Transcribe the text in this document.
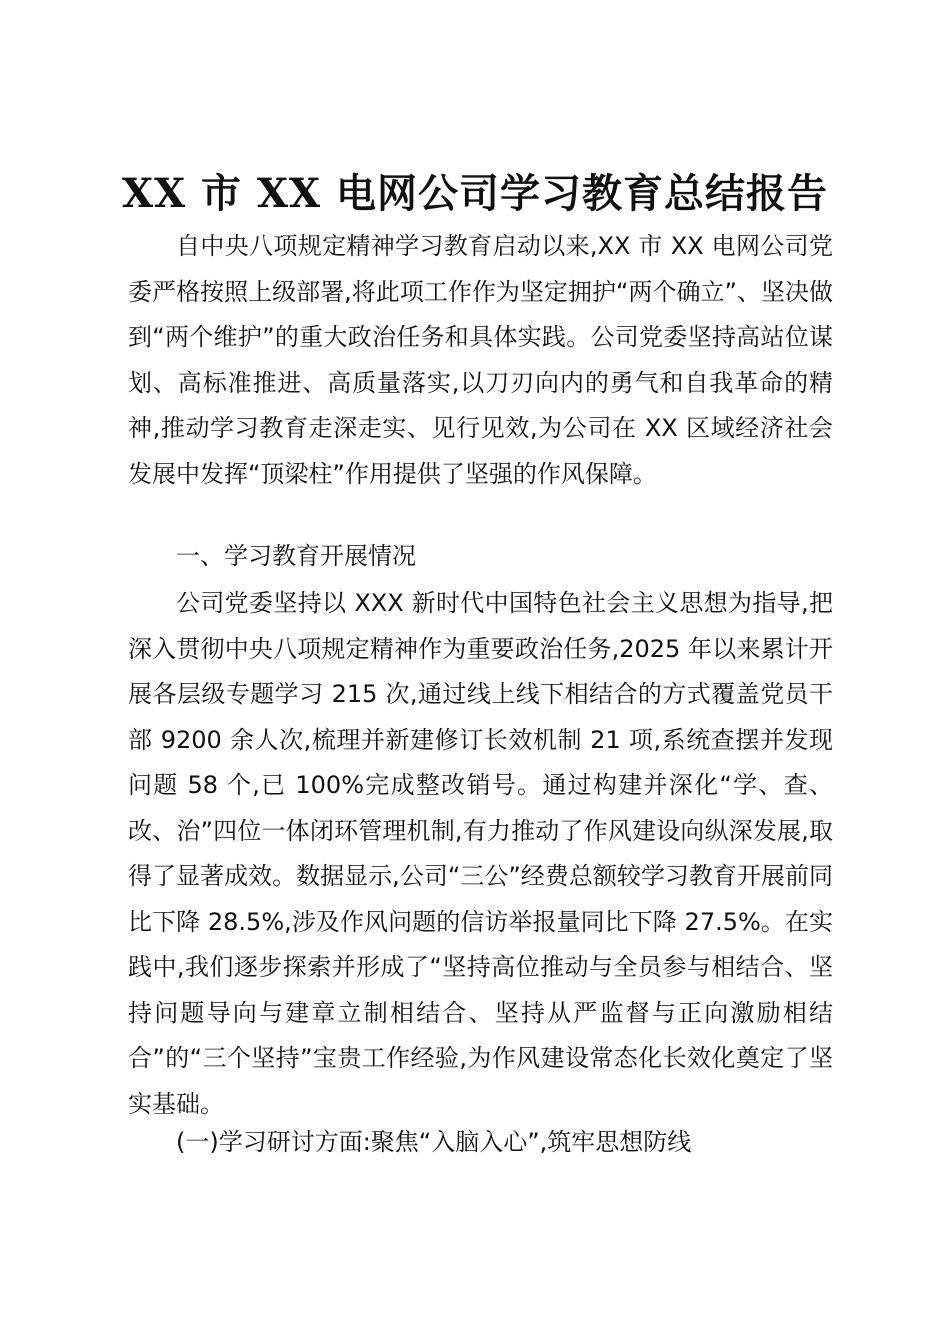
XX 市 XX 电网公司学习教育总结报告

自中央八项规定精神学习教育启动以来,XX 市 XX 电网公司党委严格按照上级部署,将此项工作作为坚定拥护“两个确立”、坚决做到“两个维护”的重大政治任务和具体实践。公司党委坚持高站位谋划、高标准推进、高质量落实,以刀刃向内的勇气和自我革命的精神,推动学习教育走深走实、见行见效,为公司在 XX 区域经济社会发展中发挥“顶梁柱”作用提供了坚强的作风保障。

一、学习教育开展情况

公司党委坚持以 XXX 新时代中国特色社会主义思想为指导,把深入贯彻中央八项规定精神作为重要政治任务,2025 年以来累计开展各层级专题学习 215 次,通过线上线下相结合的方式覆盖党员干部 9200 余人次,梳理并新建修订长效机制 21 项,系统查摆并发现问题 58 个,已 100%完成整改销号。通过构建并深化“学、查、改、治”四位一体闭环管理机制,有力推动了作风建设向纵深发展,取得了显著成效。数据显示,公司“三公”经费总额较学习教育开展前同比下降 28.5%,涉及作风问题的信访举报量同比下降 27.5%。在实践中,我们逐步探索并形成了“坚持高位推动与全员参与相结合、坚持问题导向与建章立制相结合、坚持从严监督与正向激励相结合”的“三个坚持”宝贵工作经验,为作风建设常态化长效化奠定了坚实基础。

(一)学习研讨方面:聚焦“入脑入心”,筑牢思想防线
